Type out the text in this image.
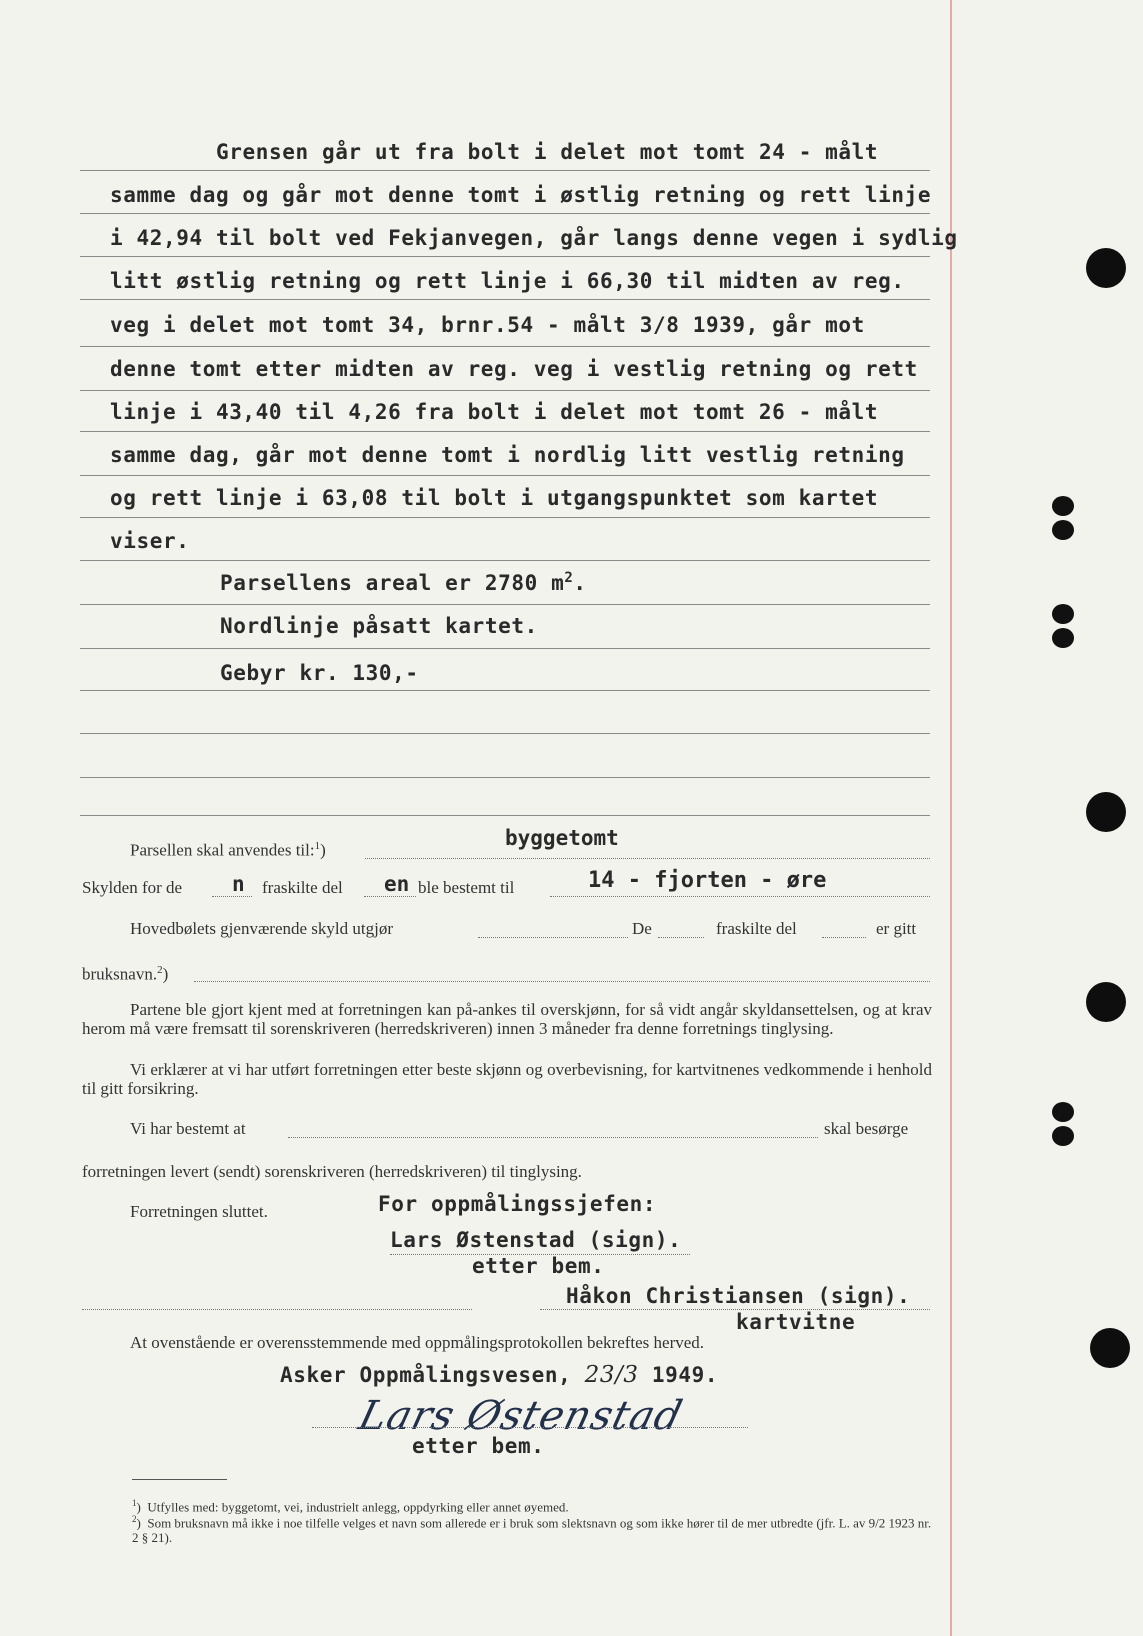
Grensen går ut fra bolt i delet mot tomt 24 - målt

samme dag og går mot denne tomt i østlig retning og rett linje

i 42,94 til bolt ved Fekjanvegen, går langs denne vegen i sydlig

litt østlig retning og rett linje i 66,30 til midten av reg.

veg i delet mot tomt 34, brnr.54 - målt 3/8 1939, går mot

denne tomt etter midten av reg. veg i vestlig retning og rett

linje i 43,40 til 4,26 fra bolt i delet mot tomt 26 - målt

samme dag, går mot denne tomt i nordlig litt vestlig retning

og rett linje i 63,08 til bolt i utgangspunktet som kartet

viser.

Parsellens areal er 2780 $m^2$.

Nordlinje påsatt kartet.

Gebyr kr. 130,-

Parsellen skal anvendes til:$^1$)

byggetomt

Skylden for de n fraskilte del en ble bestemt til	14 - fjorten - øre

Hovedbølets gjenværende skyld utgjør	De	fraskilte del	er gitt

bruksnavn.$^2$)

Partene ble gjort kjent med at forretningen kan på-ankes til overskjønn, for så vidt angår skyldansettelsen, og at krav herom må være fremsatt til sorenskriveren (herredskriveren) innen 3 måneder fra denne forretnings tinglysing.

Vi erklærer at vi har utført forretningen etter beste skjønn og overbevisning, for kartvitnenes vedkommende i henhold til gitt forsikring.

Vi har bestemt at	skal besørge

forretningen levert (sendt) sorenskriveren (herredskriveren) til tinglysing.

Forretningen sluttet.	For oppmålingssjefen:

Lars Østenstad (sign).

etter bem.

Håkon Christiansen (sign).

kartvitne

At ovenstående er overensstemmende med oppmålingsprotokollen bekreftes herved.

Asker Oppmålingsvesen, 23/3 1949.

Lars Østenstad

etter bem.

$^1$)  Utfylles med: byggetomt, vei, industrielt anlegg, oppdyrking eller annet øyemed.

$^2$)  Som bruksnavn må ikke i noe tilfelle velges et navn som allerede er i bruk som slektsnavn og som ikke hører til de mer utbredte (jfr. L. av 9/2 1923 nr. 2 § 21).
